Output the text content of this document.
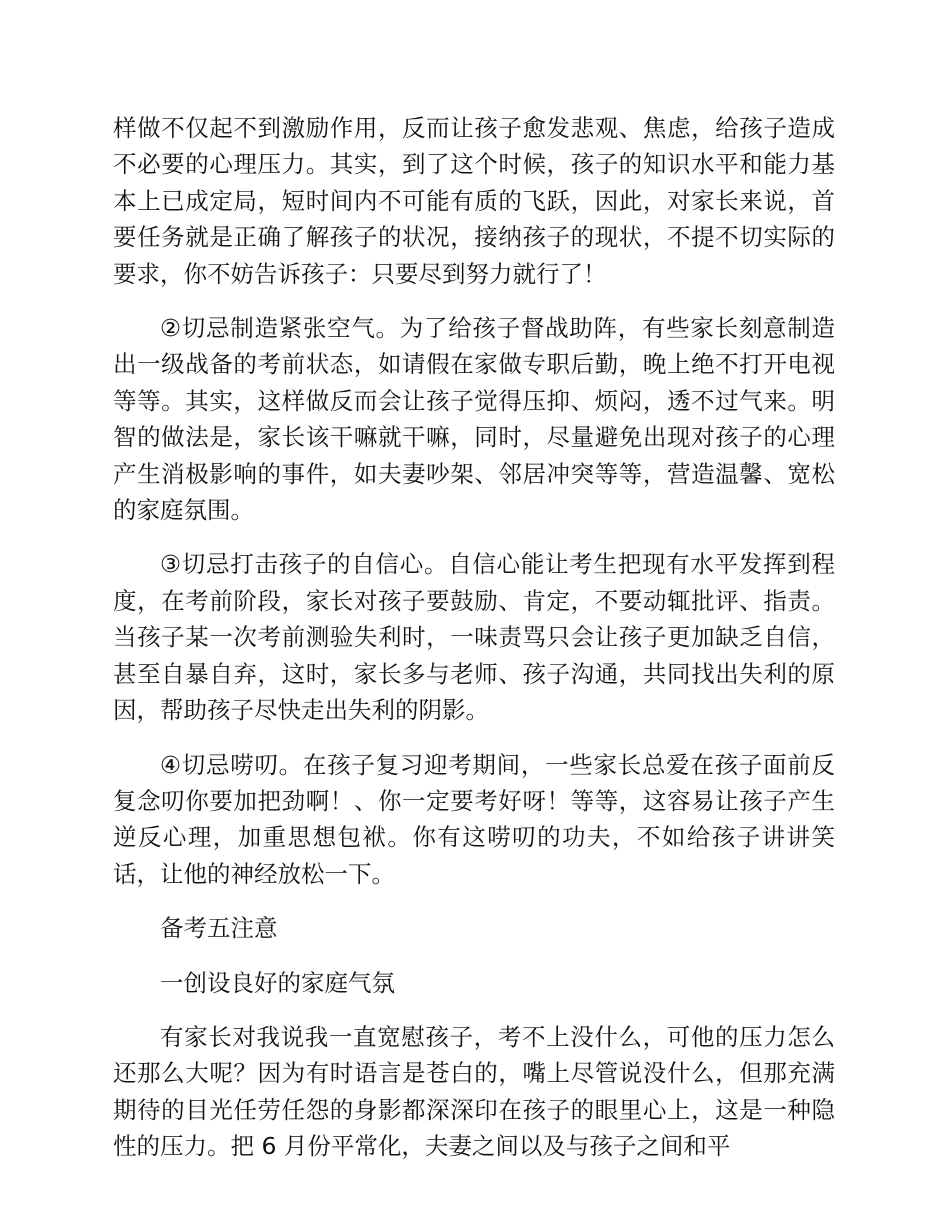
样做不仅起不到激励作用，反而让孩子愈发悲观、焦虑，给孩子造成不必要的心理压力。其实，到了这个时候，孩子的知识水平和能力基本上已成定局，短时间内不可能有质的飞跃，因此，对家长来说，首要任务就是正确了解孩子的状况，接纳孩子的现状，不提不切实际的要求，你不妨告诉孩子：只要尽到努力就行了！

②切忌制造紧张空气。为了给孩子督战助阵，有些家长刻意制造出一级战备的考前状态，如请假在家做专职后勤，晚上绝不打开电视等等。其实，这样做反而会让孩子觉得压抑、烦闷，透不过气来。明智的做法是，家长该干嘛就干嘛，同时，尽量避免出现对孩子的心理产生消极影响的事件，如夫妻吵架、邻居冲突等等，营造温馨、宽松的家庭氛围。

③切忌打击孩子的自信心。自信心能让考生把现有水平发挥到程度，在考前阶段，家长对孩子要鼓励、肯定，不要动辄批评、指责。当孩子某一次考前测验失利时，一味责骂只会让孩子更加缺乏自信，甚至自暴自弃，这时，家长多与老师、孩子沟通，共同找出失利的原因，帮助孩子尽快走出失利的阴影。

④切忌唠叨。在孩子复习迎考期间，一些家长总爱在孩子面前反复念叨你要加把劲啊！、你一定要考好呀！等等，这容易让孩子产生逆反心理，加重思想包袱。你有这唠叨的功夫，不如给孩子讲讲笑话，让他的神经放松一下。

备考五注意

一创设良好的家庭气氛

有家长对我说我一直宽慰孩子，考不上没什么，可他的压力怎么还那么大呢？因为有时语言是苍白的，嘴上尽管说没什么，但那充满期待的目光任劳任怨的身影都深深印在孩子的眼里心上，这是一种隐性的压力。把 6 月份平常化，夫妻之间以及与孩子之间和平
